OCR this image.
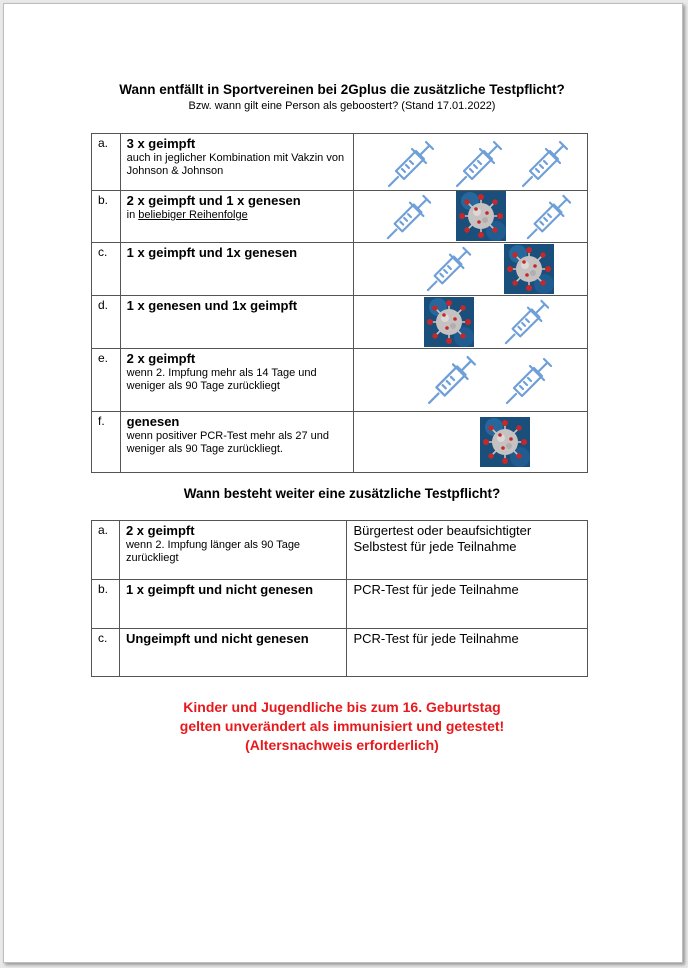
Wann entfällt in Sportvereinen bei 2Gplus die zusätzliche Testpflicht?
Bzw. wann gilt eine Person als geboostert? (Stand 17.01.2022)
a.	3 x geimpft
auch in jeglicher Kombination mit Vakzin von Johnson & Johnson

b.	2 x geimpft und 1 x genesen
in beliebiger Reihenfolge

c.	1 x geimpft und 1x genesen

d.	1 x genesen und 1x geimpft

e.	2 x geimpft
wenn 2. Impfung mehr als 14 Tage und weniger als 90 Tage zurückliegt

f.	genesen
wenn positiver PCR-Test mehr als 27 und weniger als 90 Tage zurückliegt.

Wann besteht weiter eine zusätzliche Testpflicht?
a.	2 x geimpft
wenn 2. Impfung länger als 90 Tage zurückliegt	Bürgertest oder beaufsichtigter Selbstest für jede Teilnahme
b.	1 x geimpft und nicht genesen	PCR-Test für jede Teilnahme
c.	Ungeimpft und nicht genesen	PCR-Test für jede Teilnahme
Kinder und Jugendliche bis zum 16. Geburtstag
gelten unverändert als immunisiert und getestet!
(Altersnachweis erforderlich)
